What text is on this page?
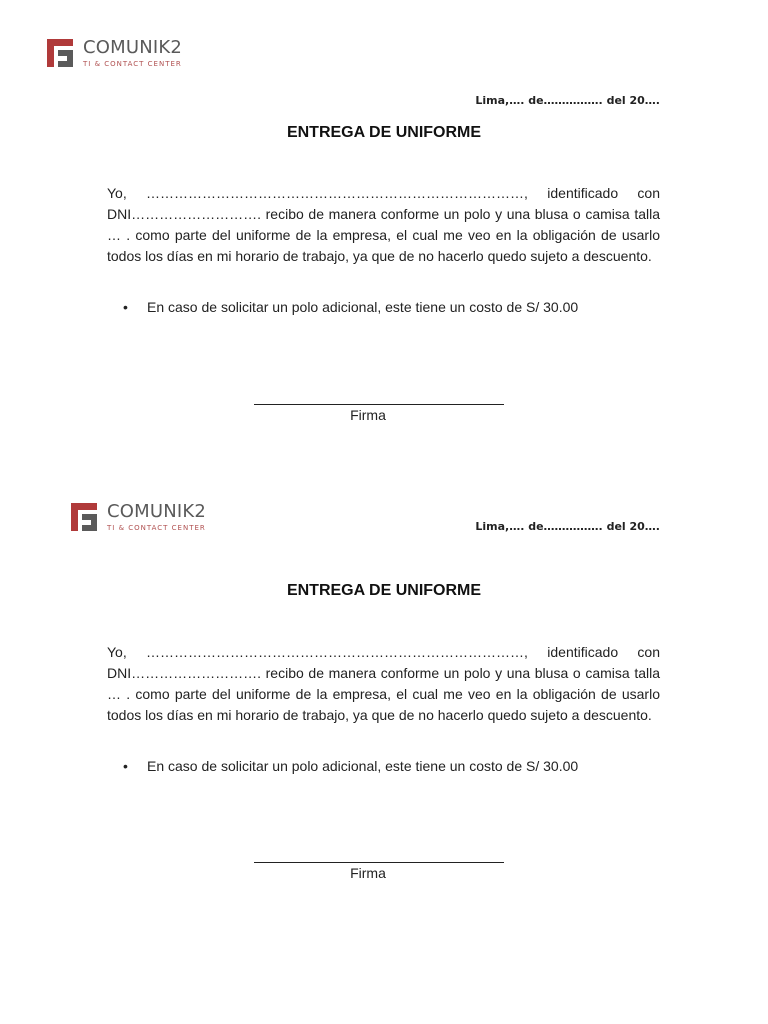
COMUNIK2
TI & CONTACT CENTER
Lima,…. de……………. del 20….
ENTREGA DE UNIFORME

Yo, ………………………………………………………………………, identificado con DNI………………………. recibo de manera conforme un polo y una blusa o camisa talla … . como parte del uniforme de la empresa, el cual me veo en la obligación de usarlo todos los días en mi horario de trabajo, ya que de no hacerlo quedo sujeto a descuento.

•	En caso de solicitar un polo adicional, este tiene un costo de S/ 30.00
Firma
COMUNIK2
TI & CONTACT CENTER	Lima,…. de……………. del 20….
ENTREGA DE UNIFORME

Yo, ………………………………………………………………………, identificado con DNI………………………. recibo de manera conforme un polo y una blusa o camisa talla … . como parte del uniforme de la empresa, el cual me veo en la obligación de usarlo todos los días en mi horario de trabajo, ya que de no hacerlo quedo sujeto a descuento.

•	En caso de solicitar un polo adicional, este tiene un costo de S/ 30.00
Firma
